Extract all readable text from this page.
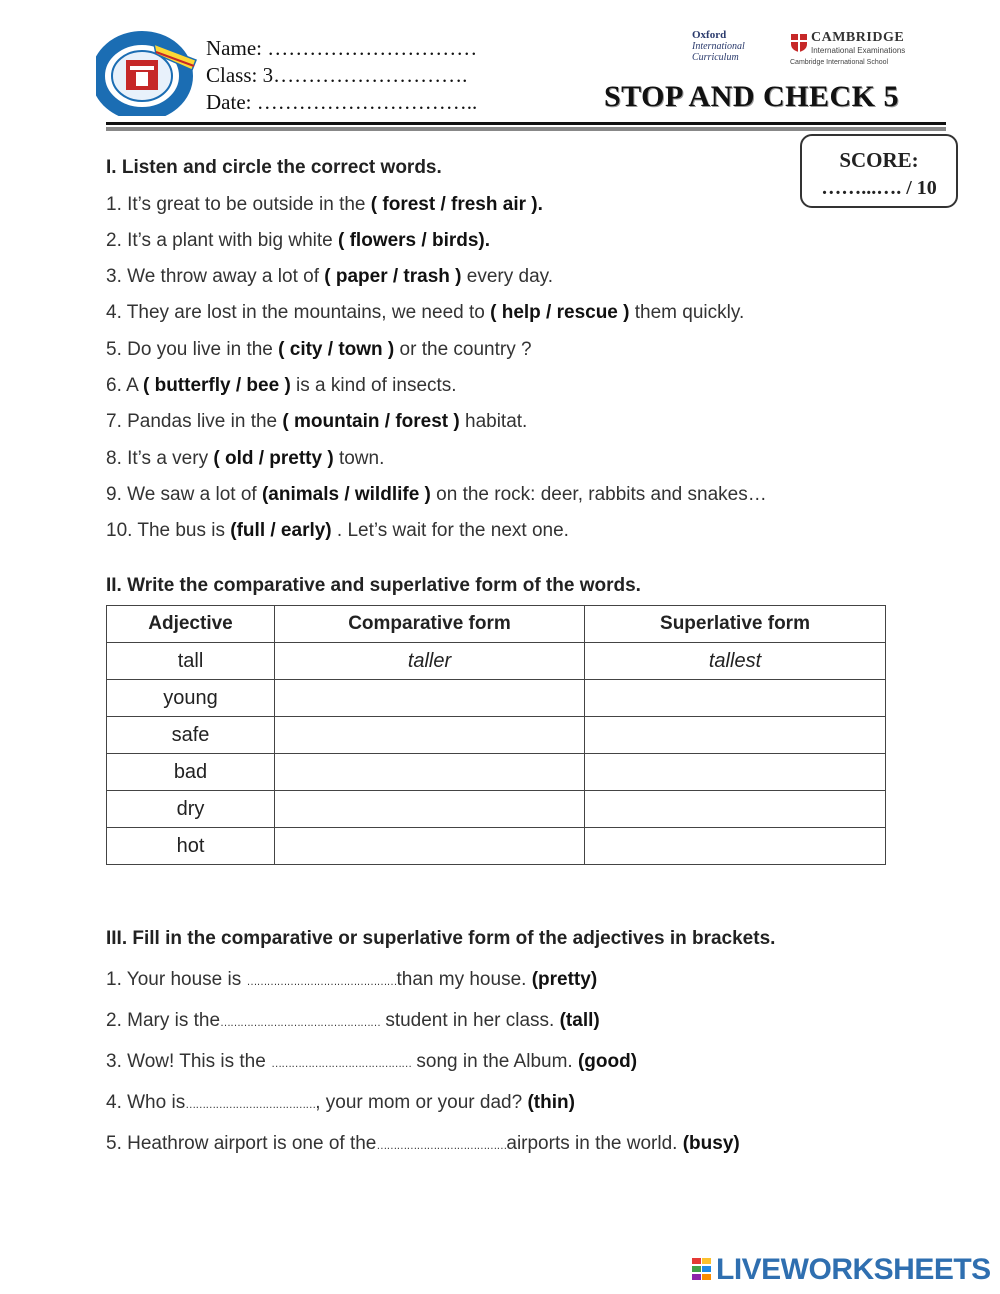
Name: …………………………
Class: 3……………………….
Date: …………………………..
Oxford
International
Curriculum
CAMBRIDGE
International Examinations
Cambridge International School
STOP AND CHECK 5
SCORE:
……...…. / 10
I. Listen and circle the correct words.
1. It’s great to be outside in the ( forest / fresh air ).
2. It’s a plant with big white ( flowers / birds).
3. We throw away a lot of ( paper / trash ) every day.
4. They are lost in the mountains, we need to ( help / rescue ) them quickly.
5. Do you live in the ( city / town ) or the country ?
6. A ( butterfly / bee ) is a kind of insects.
7. Pandas live in the ( mountain / forest ) habitat.
8. It’s a very ( old / pretty ) town.
9. We saw a lot of (animals / wildlife ) on the rock: deer, rabbits and snakes…
10. The bus is (full / early) . Let’s wait for the next one.
II. Write the comparative and superlative form of the words.
Adjective	Comparative form	Superlative form
tall	taller	tallest
young		
safe		
bad		
dry		
hot		
III. Fill in the comparative or superlative form of the adjectives in brackets.
1. Your house is ………………………………………than my house. (pretty)
2. Mary is the………………………………………… student in her class. (tall)
3. Wow! This is the …………………………………… song in the Album. (good)
4. Who is…………………………………, your mom or your dad? (thin)
5. Heathrow airport is one of the…………………………………airports in the world. (busy)
LIVEWORKSHEETS
